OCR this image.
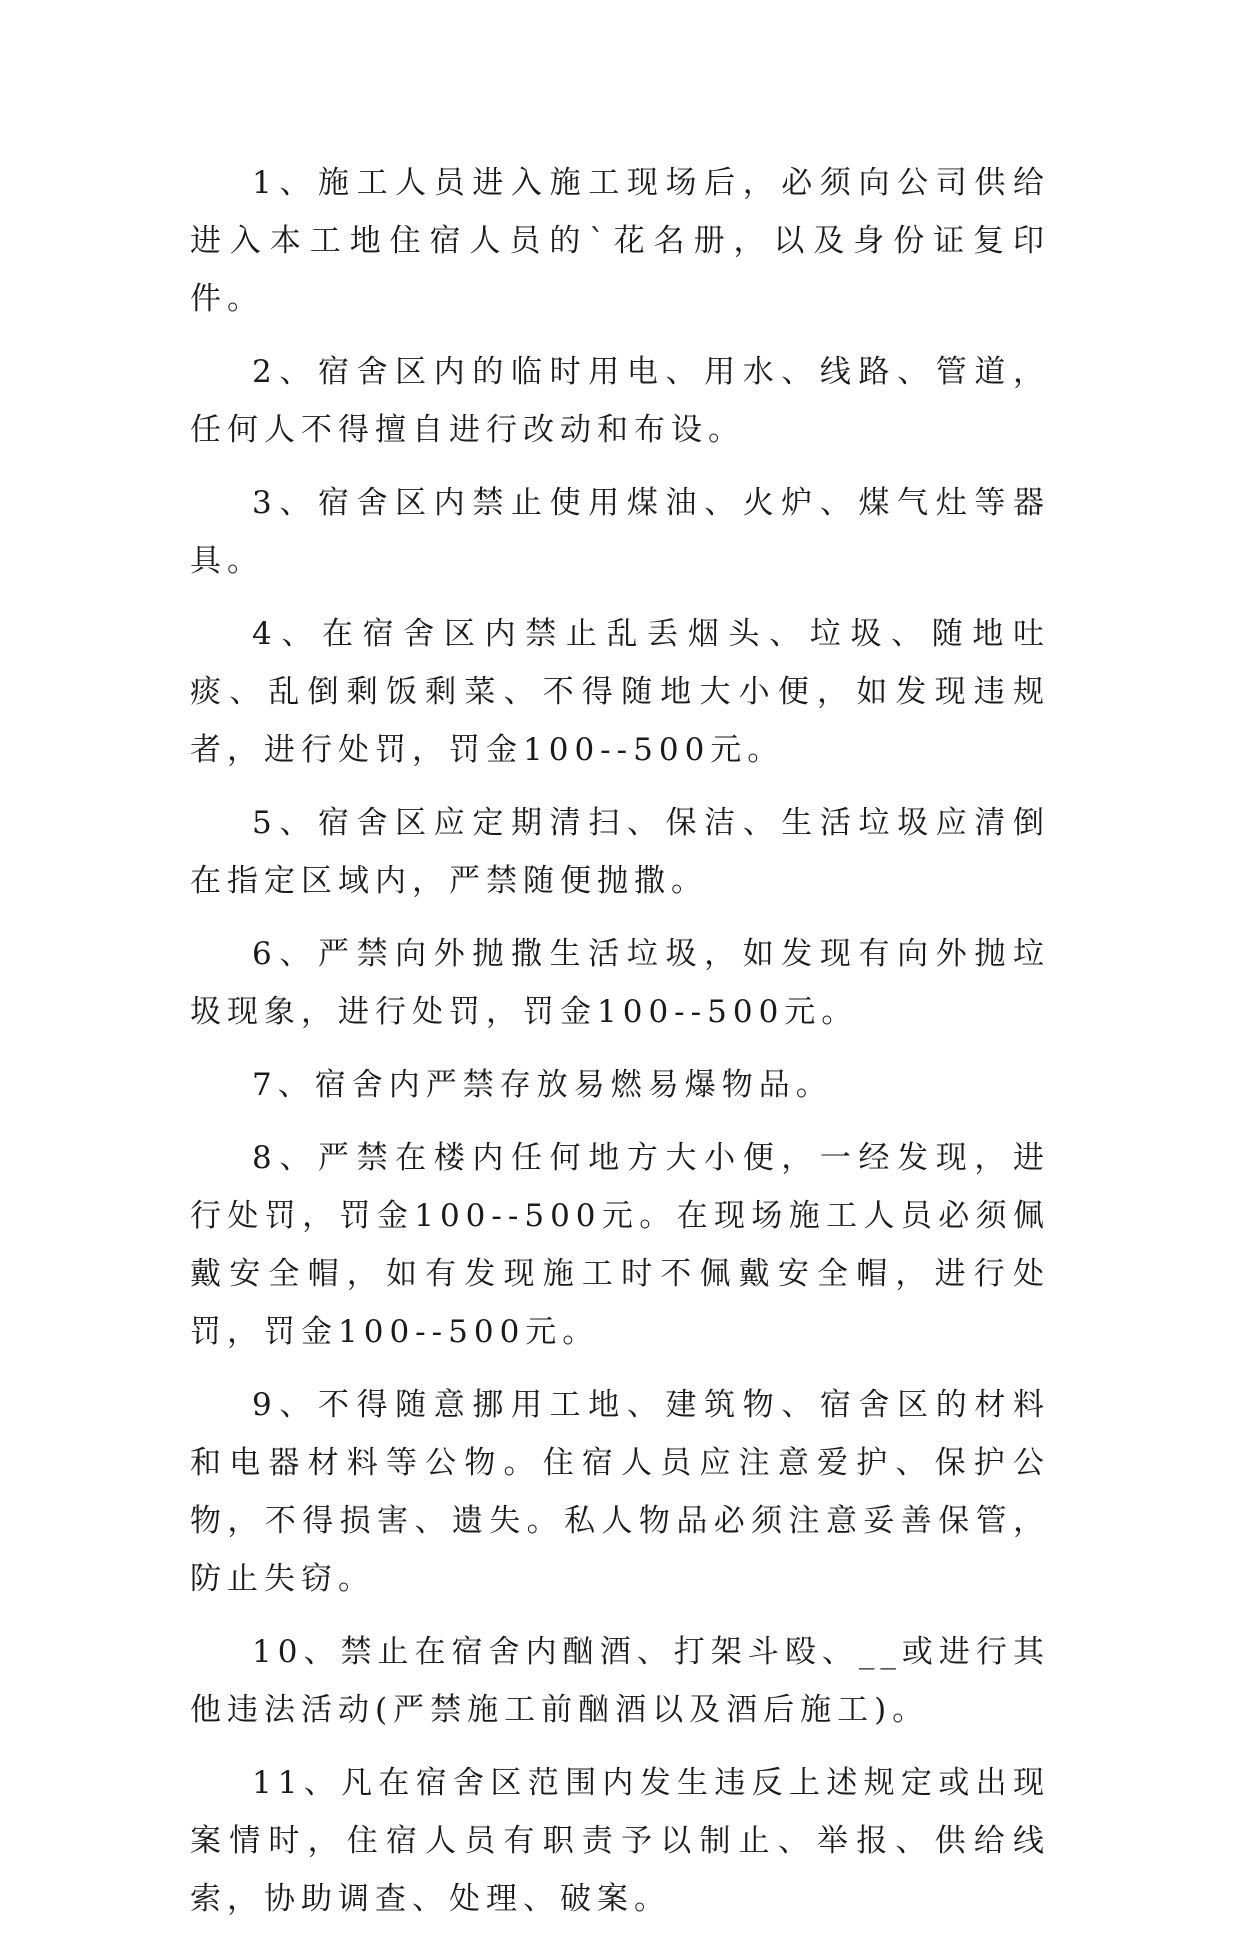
1、施工人员进入施工现场后，必须向公司供给进入本工地住宿人员的`花名册，以及身份证复印件。

2、宿舍区内的临时用电、用水、线路、管道，任何人不得擅自进行改动和布设。

3、宿舍区内禁止使用煤油、火炉、煤气灶等器具。

4、在宿舍区内禁止乱丢烟头、垃圾、随地吐痰、乱倒剩饭剩菜、不得随地大小便，如发现违规者，进行处罚，罚金100--500元。

5、宿舍区应定期清扫、保洁、生活垃圾应清倒在指定区域内，严禁随便抛撒。

6、严禁向外抛撒生活垃圾，如发现有向外抛垃圾现象，进行处罚，罚金100--500元。

7、宿舍内严禁存放易燃易爆物品。

8、严禁在楼内任何地方大小便，一经发现，进行处罚，罚金100--500元。在现场施工人员必须佩戴安全帽，如有发现施工时不佩戴安全帽，进行处罚，罚金100--500元。

9、不得随意挪用工地、建筑物、宿舍区的材料和电器材料等公物。住宿人员应注意爱护、保护公物，不得损害、遗失。私人物品必须注意妥善保管，防止失窃。

10、禁止在宿舍内酗酒、打架斗殴、__或进行其他违法活动(严禁施工前酗酒以及酒后施工)。

11、凡在宿舍区范围内发生违反上述规定或出现案情时，住宿人员有职责予以制止、举报、供给线索，协助调查、处理、破案。
